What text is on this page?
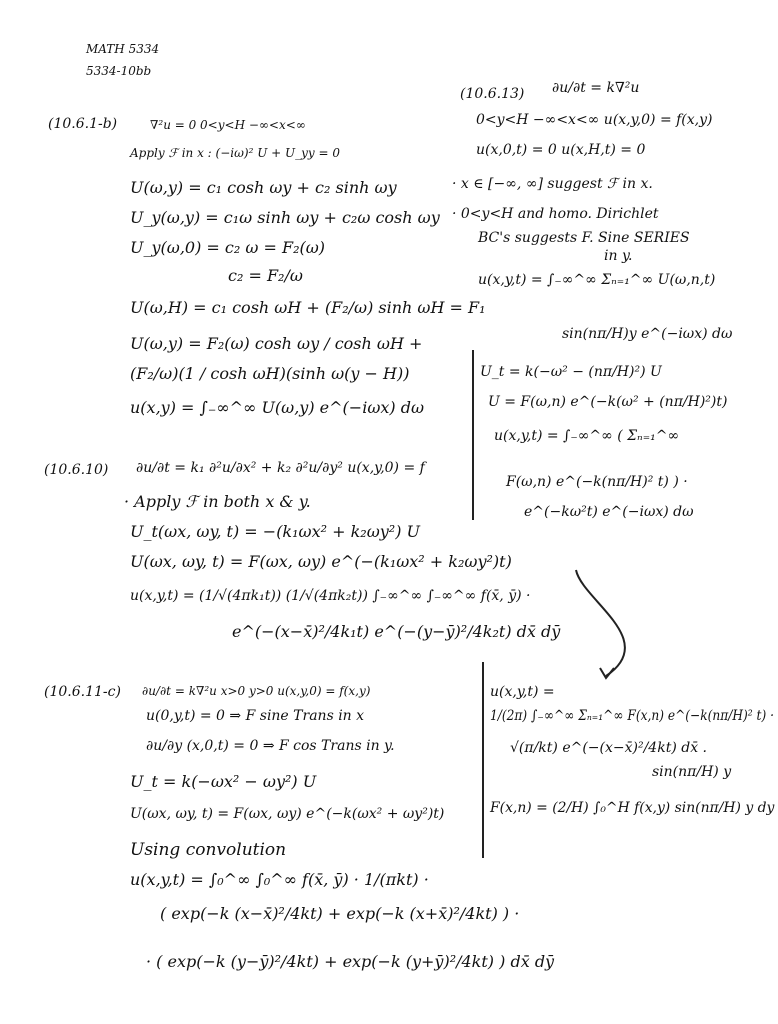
MATH 5334
5334-10bb
(10.6.1-b)	∇²u = 0 0<y<H −∞<x<∞
Apply ℱ in x : (−iω)² U + U_yy = 0
U(ω,y) = c₁ cosh ωy + c₂ sinh ωy
U_y(ω,y) = c₁ω sinh ωy + c₂ω cosh ωy
U_y(ω,0) = c₂ ω = F₂(ω)
c₂ = F₂/ω
U(ω,H) = c₁ cosh ωH + (F₂/ω) sinh ωH = F₁
U(ω,y) = F₂(ω) cosh ωy / cosh ωH +
(F₂/ω)(1 / cosh ωH)(sinh ω(y − H))
u(x,y) = ∫₋∞^∞ U(ω,y) e^(−iωx) dω
(10.6.10) ∂u/∂t = k₁ ∂²u/∂x² + k₂ ∂²u/∂y² u(x,y,0) = f
· Apply ℱ in both x & y.
U_t(ωx, ωy, t) = −(k₁ωx² + k₂ωy²) U
U(ωx, ωy, t) = F(ωx, ωy) e^(−(k₁ωx² + k₂ωy²)t)
u(x,y,t) = (1/√(4πk₁t)) (1/√(4πk₂t)) ∫₋∞^∞ ∫₋∞^∞ f(x̄, ȳ) ·
e^(−(x−x̄)²/4k₁t) e^(−(y−ȳ)²/4k₂t) dx̄ dȳ
(10.6.11-c) ∂u/∂t = k∇²u x>0 y>0 u(x,y,0) = f(x,y)
u(0,y,t) = 0 ⇒ F sine Trans in x
∂u/∂y (x,0,t) = 0 ⇒ F cos Trans in y.
U_t = k(−ωx² − ωy²) U
U(ωx, ωy, t) = F(ωx, ωy) e^(−k(ωx² + ωy²)t)
Using convolution
u(x,y,t) = ∫₀^∞ ∫₀^∞ f(x̄, ȳ) · 1/(πkt) ·
( exp(−k (x−x̄)²/4kt) + exp(−k (x+x̄)²/4kt) ) ·
· ( exp(−k (y−ȳ)²/4kt) + exp(−k (y+ȳ)²/4kt) ) dx̄ dȳ
(10.6.13) ∂u/∂t = k∇²u
0<y<H −∞<x<∞ u(x,y,0) = f(x,y)
u(x,0,t) = 0 u(x,H,t) = 0
· x ∈ [−∞, ∞] suggest ℱ in x.
· 0<y<H and homo. Dirichlet
BC's suggests F. Sine SERIES
in y.
u(x,y,t) = ∫₋∞^∞ Σₙ₌₁^∞ U(ω,n,t)
sin(nπ/H)y e^(−iωx) dω
U_t = k(−ω² − (nπ/H)²) U
U = F(ω,n) e^(−k(ω² + (nπ/H)²)t)
u(x,y,t) = ∫₋∞^∞ ( Σₙ₌₁^∞
F(ω,n) e^(−k(nπ/H)² t) ) ·
e^(−kω²t) e^(−iωx) dω
u(x,y,t) =
1/(2π) ∫₋∞^∞ Σₙ₌₁^∞ F(x,n) e^(−k(nπ/H)² t) ·
√(π/kt) e^(−(x−x̄)²/4kt) dx̄ .
sin(nπ/H) y
F(x,n) = (2/H) ∫₀^H f(x,y) sin(nπ/H) y dy
